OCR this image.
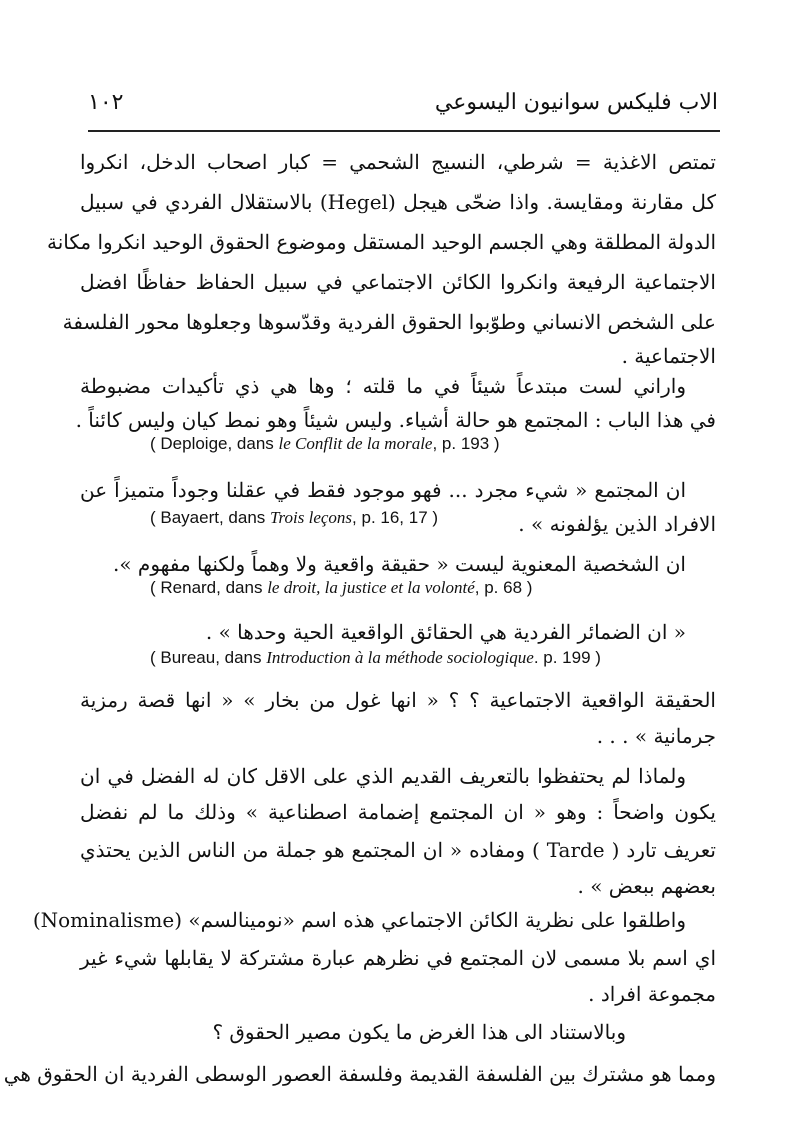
١٠٢	الاب فليكس سوانيون اليسوعي
تمتص الاغذية = شرطي، النسيج الشحمي = كبار اصحاب الدخل، انكروا
كل مقارنة ومقايسة. واذا ضحّى هيجل (Hegel) بالاستقلال الفردي في سبيل
الدولة المطلقة وهي الجسم الوحيد المستقل وموضوع الحقوق الوحيد انكروا مكانة
الاجتماعية الرفيعة وانكروا الكائن الاجتماعي في سبيل الحفاظ حفاظًا افضل
على الشخص الانساني وطوّبوا الحقوق الفردية وقدّسوها وجعلوها محور الفلسفة
الاجتماعية .
واراني لست مبتدعاً شيئاً في ما قلته ؛ وها هي ذي تأكيدات مضبوطة
في هذا الباب : المجتمع هو حالة أشياء. وليس شيئاً وهو نمط كيان وليس كائناً .
( Deploige, dans le Conflit de la morale, p. 193 )
ان المجتمع « شيء مجرد ... فهو موجود فقط في عقلنا وجوداً متميزاً عن
الافراد الذين يؤلفونه » .
( Bayaert, dans Trois leçons, p. 16, 17 )
ان الشخصية المعنوية ليست « حقيقة واقعية ولا وهماً ولكنها مفهوم ».
( Renard, dans le droit, la justice et la volonté, p. 68 )
« ان الضمائر الفردية هي الحقائق الواقعية الحية وحدها » .
( Bureau, dans Introduction à la méthode sociologique. p. 199 )
الحقيقة الواقعية الاجتماعية ؟ ؟ « انها غول من بخار » « انها قصة رمزية
جرمانية » . . .
ولماذا لم يحتفظوا بالتعريف القديم الذي على الاقل كان له الفضل في ان
يكون واضحاً : وهو « ان المجتمع إضمامة اصطناعية » وذلك ما لم نفضل
تعريف تارد ( Tarde ) ومفاده « ان المجتمع هو جملة من الناس الذين يحتذي
بعضهم ببعض » .
واطلقوا على نظرية الكائن الاجتماعي هذه اسم «نومينالسم» (Nominalisme)
اي اسم بلا مسمى لان المجتمع في نظرهم عبارة مشتركة لا يقابلها شيء غير
مجموعة افراد .
وبالاستناد الى هذا الغرض ما يكون مصير الحقوق ؟
ومما هو مشترك بين الفلسفة القديمة وفلسفة العصور الوسطى الفردية ان الحقوق هي
